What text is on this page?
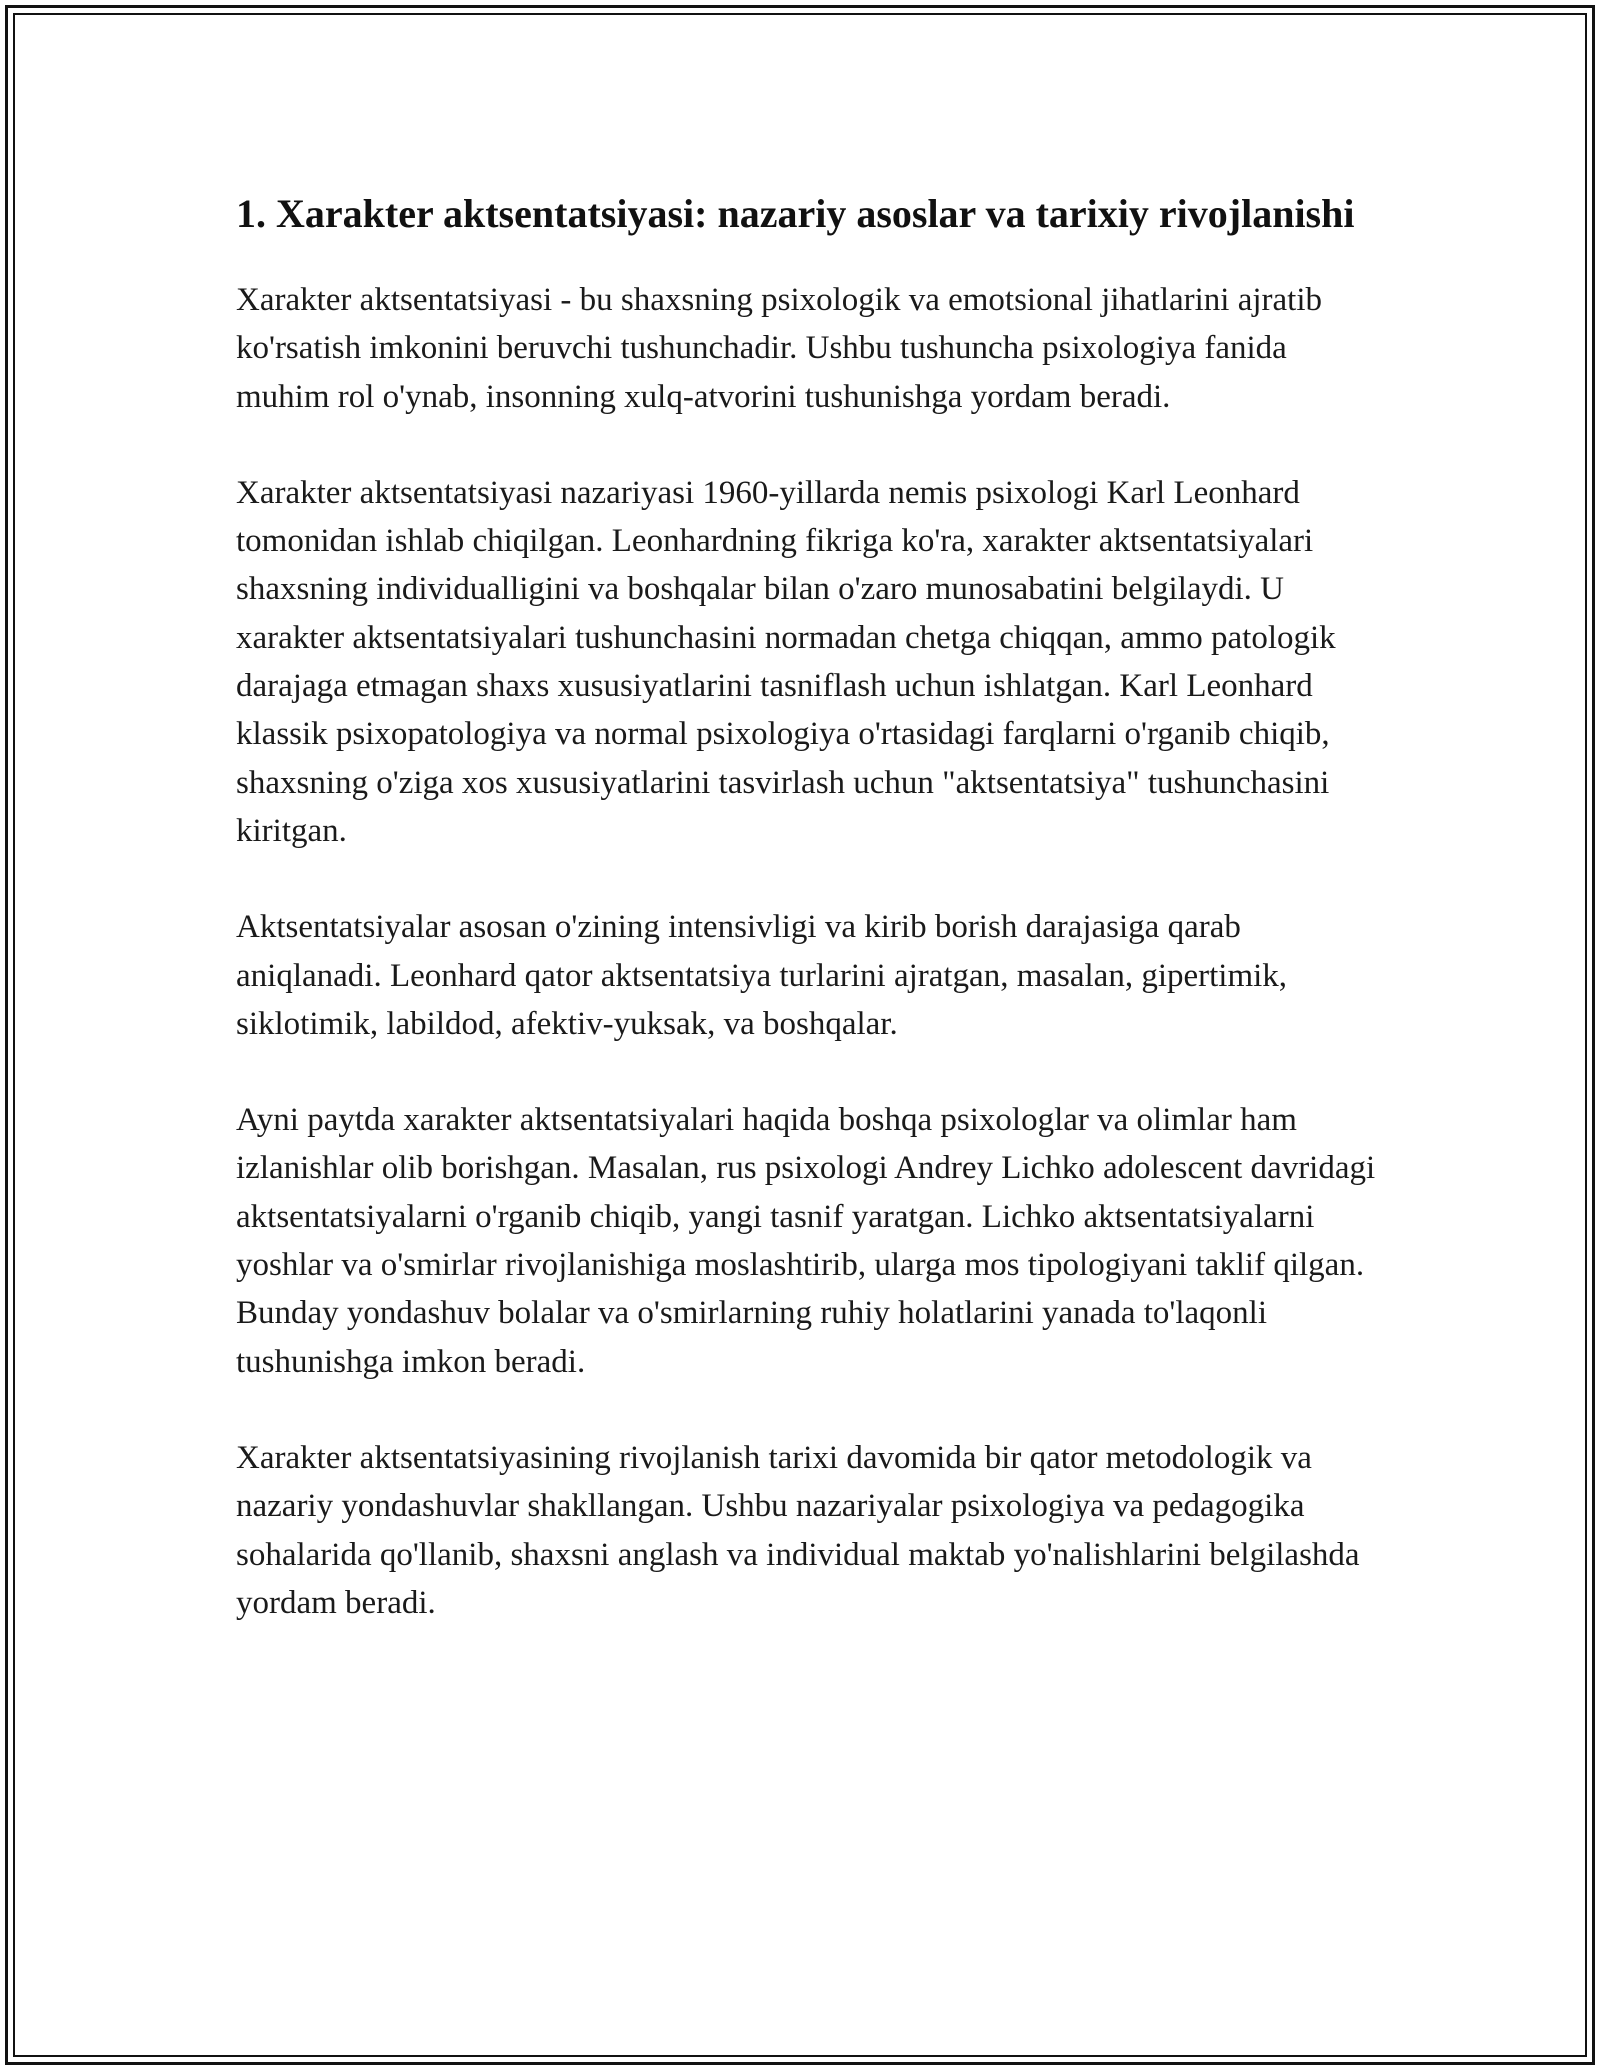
1. Xarakter aktsentatsiyasi: nazariy asoslar va tarixiy rivojlanishi

Xarakter aktsentatsiyasi - bu shaxsning psixologik va emotsional jihatlarini ajratib ko'rsatish imkonini beruvchi tushunchadir. Ushbu tushuncha psixologiya fanida muhim rol o'ynab, insonning xulq-atvorini tushunishga yordam beradi.

Xarakter aktsentatsiyasi nazariyasi 1960-yillarda nemis psixologi Karl Leonhard tomonidan ishlab chiqilgan. Leonhardning fikriga ko'ra, xarakter aktsentatsiyalari shaxsning individualligini va boshqalar bilan o'zaro munosabatini belgilaydi. U xarakter aktsentatsiyalari tushunchasini normadan chetga chiqqan, ammo patologik darajaga etmagan shaxs xususiyatlarini tasniflash uchun ishlatgan. Karl Leonhard klassik psixopatologiya va normal psixologiya o'rtasidagi farqlarni o'rganib chiqib, shaxsning o'ziga xos xususiyatlarini tasvirlash uchun "aktsentatsiya" tushunchasini kiritgan.

Aktsentatsiyalar asosan o'zining intensivligi va kirib borish darajasiga qarab aniqlanadi. Leonhard qator aktsentatsiya turlarini ajratgan, masalan, gipertimik, siklotimik, labildod, afektiv-yuksak, va boshqalar.

Ayni paytda xarakter aktsentatsiyalari haqida boshqa psixologlar va olimlar ham izlanishlar olib borishgan. Masalan, rus psixologi Andrey Lichko adolescent davridagi aktsentatsiyalarni o'rganib chiqib, yangi tasnif yaratgan. Lichko aktsentatsiyalarni yoshlar va o'smirlar rivojlanishiga moslashtirib, ularga mos tipologiyani taklif qilgan. Bunday yondashuv bolalar va o'smirlarning ruhiy holatlarini yanada to'laqonli tushunishga imkon beradi.

Xarakter aktsentatsiyasining rivojlanish tarixi davomida bir qator metodologik va nazariy yondashuvlar shakllangan. Ushbu nazariyalar psixologiya va pedagogika sohalarida qo'llanib, shaxsni anglash va individual maktab yo'nalishlarini belgilashda yordam beradi.
